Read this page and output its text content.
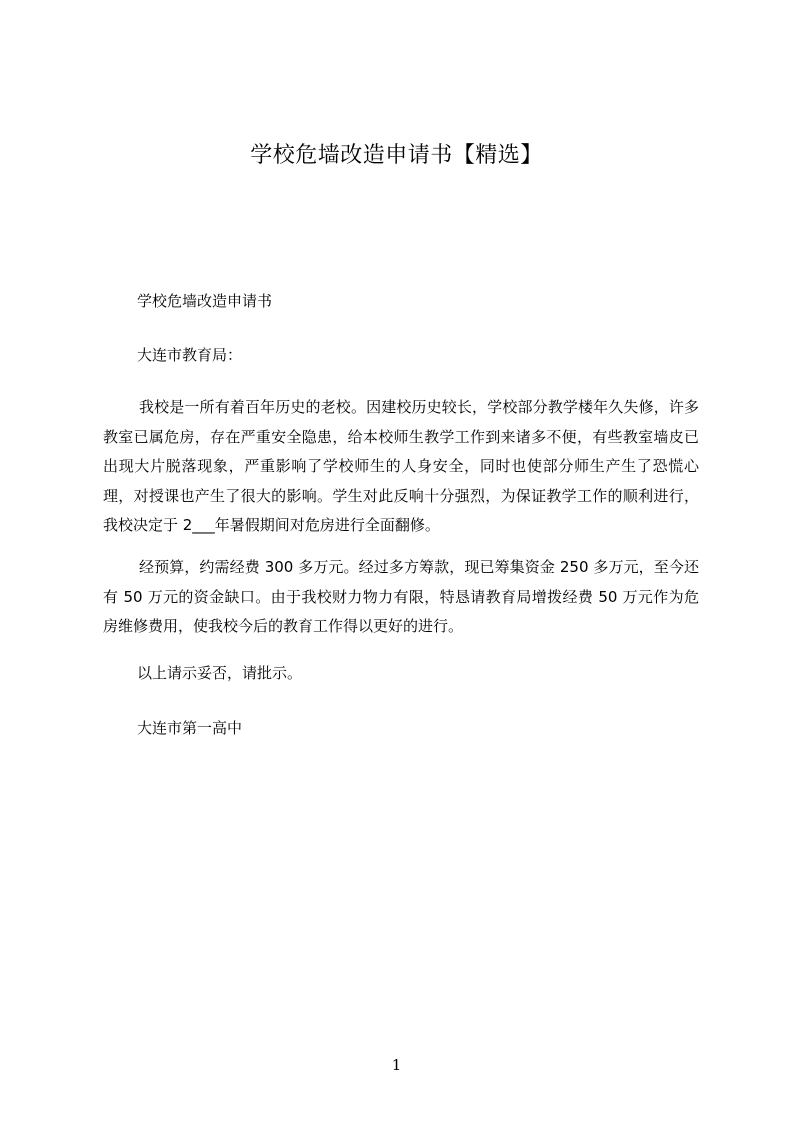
学校危墙改造申请书【精选】
学校危墙改造申请书
大连市教育局：
我校是一所有着百年历史的老校。因建校历史较长，学校部分教学楼年久失修，许多教室已属危房，存在严重安全隐患，给本校师生教学工作到来诸多不便，有些教室墙皮已出现大片脱落现象，严重影响了学校师生的人身安全，同时也使部分师生产生了恐慌心理，对授课也产生了很大的影响。学生对此反响十分强烈，为保证教学工作的顺利进行，我校决定于 2___年暑假期间对危房进行全面翻修。
经预算，约需经费 300 多万元。经过多方筹款，现已筹集资金 250 多万元，至今还有 50 万元的资金缺口。由于我校财力物力有限，特恳请教育局增拨经费 50 万元作为危房维修费用，使我校今后的教育工作得以更好的进行。
以上请示妥否，请批示。
大连市第一高中
1
